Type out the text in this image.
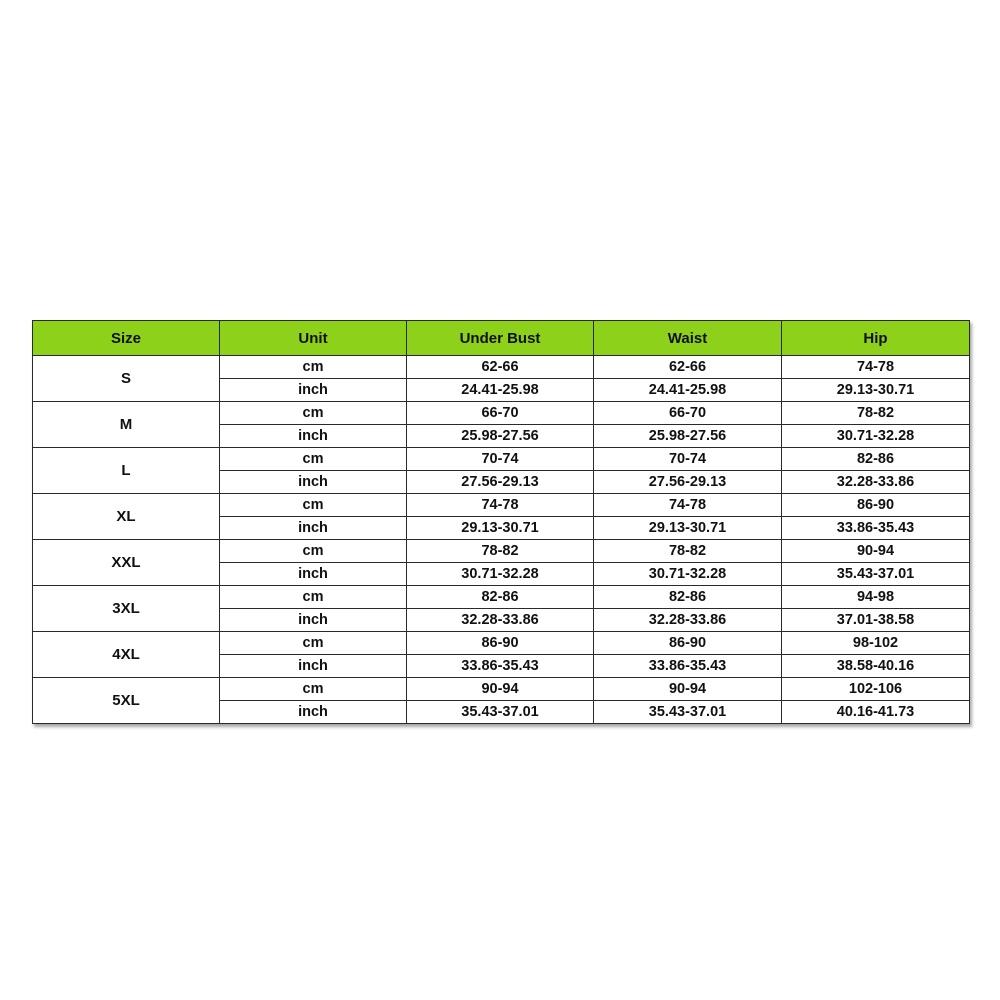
Size	Unit	Under Bust	Waist	Hip
S	cm	62-66	62-66	74-78
	inch	24.41-25.98	24.41-25.98	29.13-30.71
M	cm	66-70	66-70	78-82
	inch	25.98-27.56	25.98-27.56	30.71-32.28
L	cm	70-74	70-74	82-86
	inch	27.56-29.13	27.56-29.13	32.28-33.86
XL	cm	74-78	74-78	86-90
	inch	29.13-30.71	29.13-30.71	33.86-35.43
XXL	cm	78-82	78-82	90-94
	inch	30.71-32.28	30.71-32.28	35.43-37.01
3XL	cm	82-86	82-86	94-98
	inch	32.28-33.86	32.28-33.86	37.01-38.58
4XL	cm	86-90	86-90	98-102
	inch	33.86-35.43	33.86-35.43	38.58-40.16
5XL	cm	90-94	90-94	102-106
	inch	35.43-37.01	35.43-37.01	40.16-41.73
